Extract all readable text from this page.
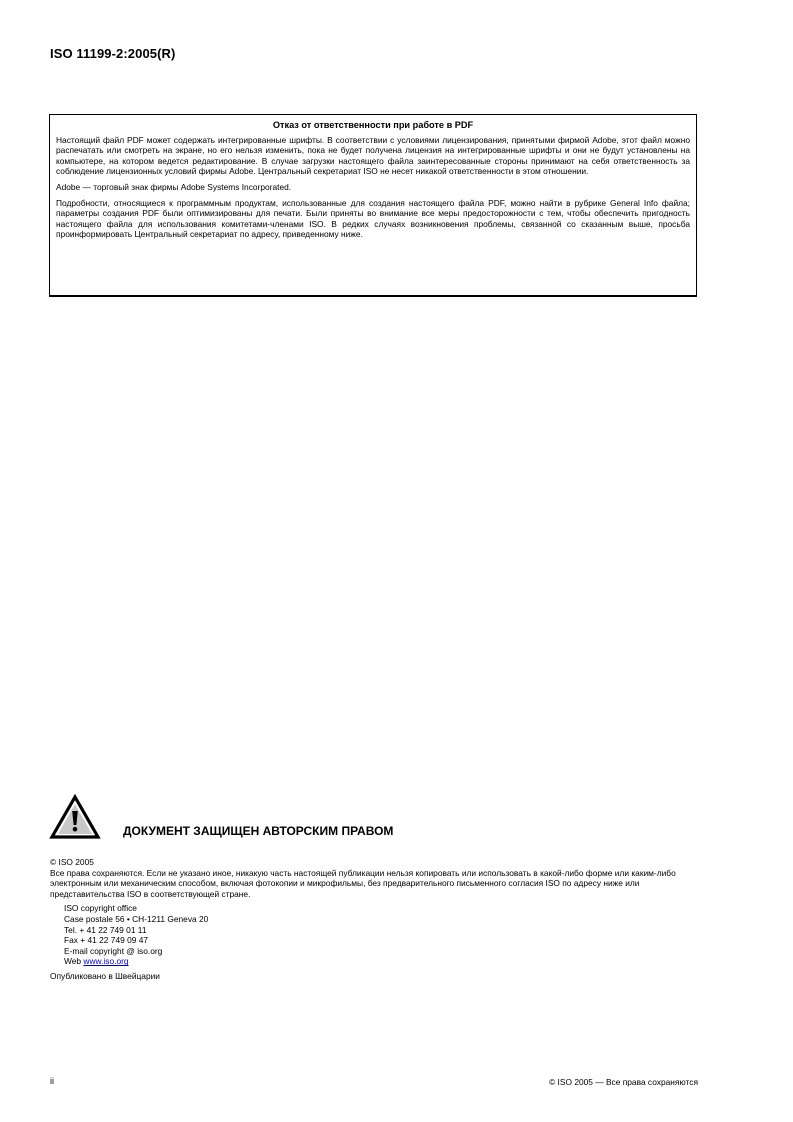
ISO 11199-2:2005(R)
Отказ от ответственности при работе в PDF

Настоящий файл PDF может содержать интегрированные шрифты. В соответствии с условиями лицензирования, принятыми фирмой Adobe, этот файл можно распечатать или смотреть на экране, но его нельзя изменить, пока не будет получена лицензия на интегрированные шрифты и они не будут установлены на компьютере, на котором ведется редактирование. В случае загрузки настоящего файла заинтересованные стороны принимают на себя ответственность за соблюдение лицензионных условий фирмы Adobe. Центральный секретариат ISO не несет никакой ответственности в этом отношении.

Adobe — торговый знак фирмы Adobe Systems Incorporated.

Подробности, относящиеся к программным продуктам, использованные для создания настоящего файла PDF, можно найти в рубрике General Info файла; параметры создания PDF были оптимизированы для печати. Были приняты во внимание все меры предосторожности с тем, чтобы обеспечить пригодность настоящего файла для использования комитетами-членами ISO. В редких случаях возникновения проблемы, связанной со сказанным выше, просьба проинформировать Центральный секретариат по адресу, приведенному ниже.

ДОКУМЕНТ ЗАЩИЩЕН АВТОРСКИМ ПРАВОМ

© ISO 2005

Все права сохраняются. Если не указано иное, никакую часть настоящей публикации нельзя копировать или использовать в какой-либо форме или каким-либо электронным или механическим способом, включая фотокопии и микрофильмы, без предварительного письменного согласия ISO по адресу ниже или представительства ISO в соответствующей стране.

ISO copyright office
Case postale 56 • CH-1211 Geneva 20
Tel. + 41 22 749 01 11
Fax + 41 22 749 09 47
E-mail copyright @ iso.org
Web www.iso.org

Опубликовано в Швейцарии

ii	© ISO 2005 — Все права сохраняются
